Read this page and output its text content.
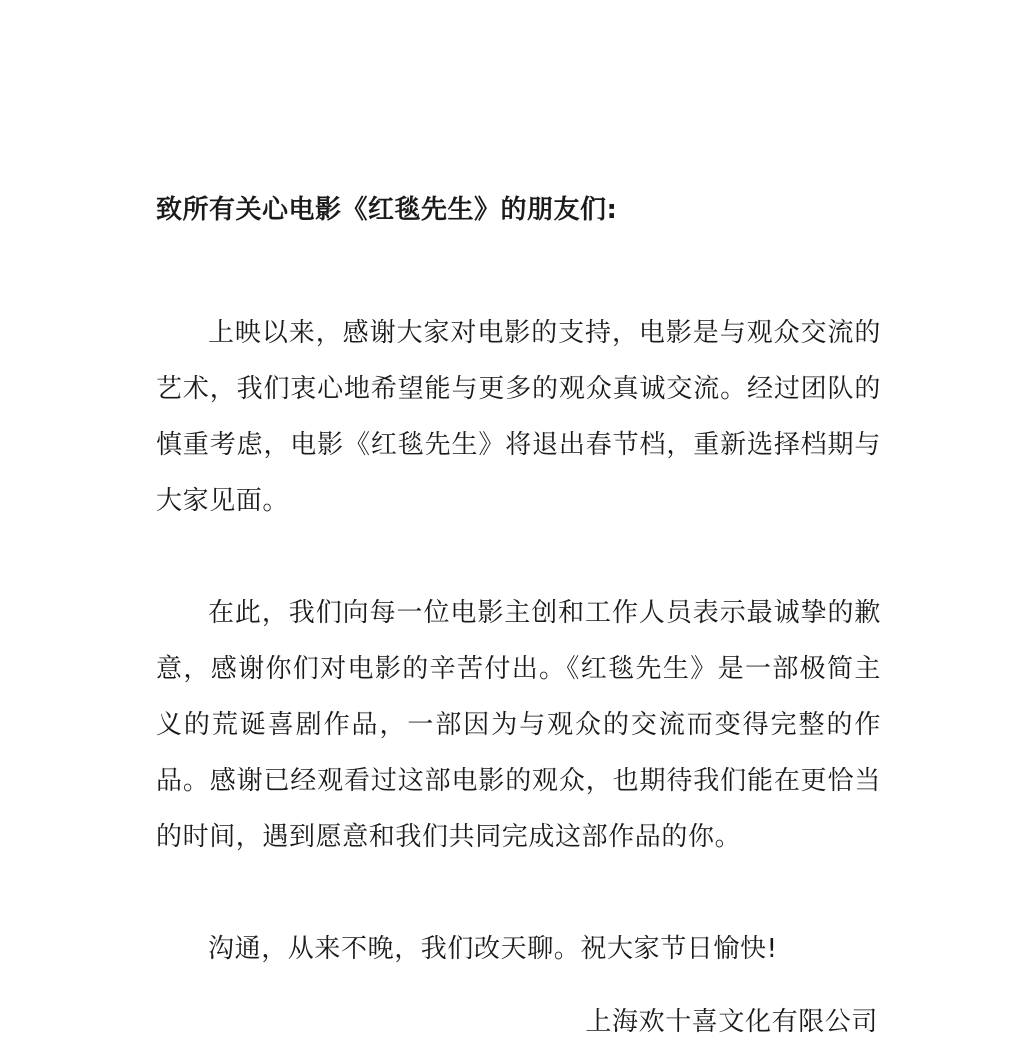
致所有关心电影《红毯先生》的朋友们:

上映以来，感谢大家对电影的支持，电影是与观众交流的艺术，我们衷心地希望能与更多的观众真诚交流。经过团队的慎重考虑，电影《红毯先生》将退出春节档，重新选择档期与大家见面。

在此，我们向每一位电影主创和工作人员表示最诚挚的歉意，感谢你们对电影的辛苦付出。《红毯先生》是一部极简主义的荒诞喜剧作品，一部因为与观众的交流而变得完整的作品。感谢已经观看过这部电影的观众，也期待我们能在更恰当的时间，遇到愿意和我们共同完成这部作品的你。

沟通，从来不晚，我们改天聊。祝大家节日愉快!

上海欢十喜文化有限公司
